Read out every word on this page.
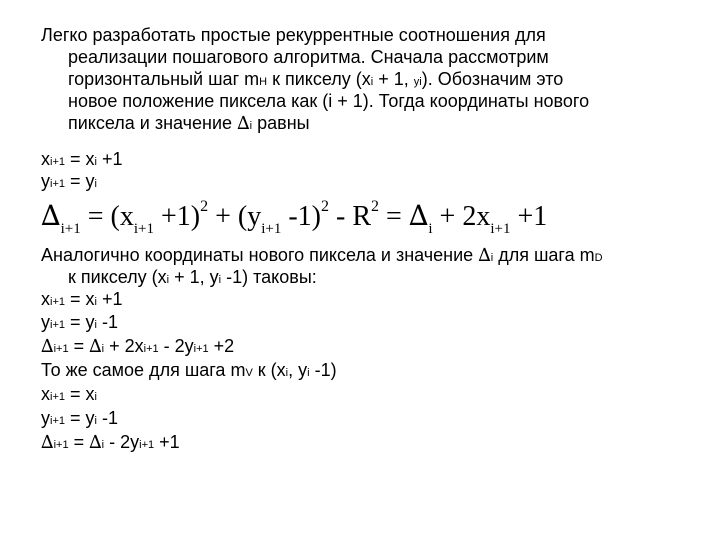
Легко разработать простые рекуррентные соотношения для
реализации пошагового алгоритма. Сначала рассмотрим
горизонтальный шаг mH к пикселу (xi + 1, yi). Обозначим это
новое положение пиксела как (i + 1). Тогда координаты нового
пиксела и значение ∆i равны
xi+1 = xi +1
yi+1 = yi
$\Delta_{i+1} = (x_{i+1} +1)^2 + (y_{i+1}$ $-1)^2 - R^2 = \Delta_i + 2x_{i+1} +1$
Аналогично координаты нового пиксела и значение ∆i для шага mD
к пикселу (xi + 1, yi -1) таковы:
xi+1 = xi +1
yi+1 = yi -1
∆i+1 = ∆i + 2xi+1 - 2yi+1 +2
То же самое для шага mV к (xi, yi -1)
xi+1 = xi
yi+1 = yi -1
∆i+1 = ∆i - 2yi+1 +1
